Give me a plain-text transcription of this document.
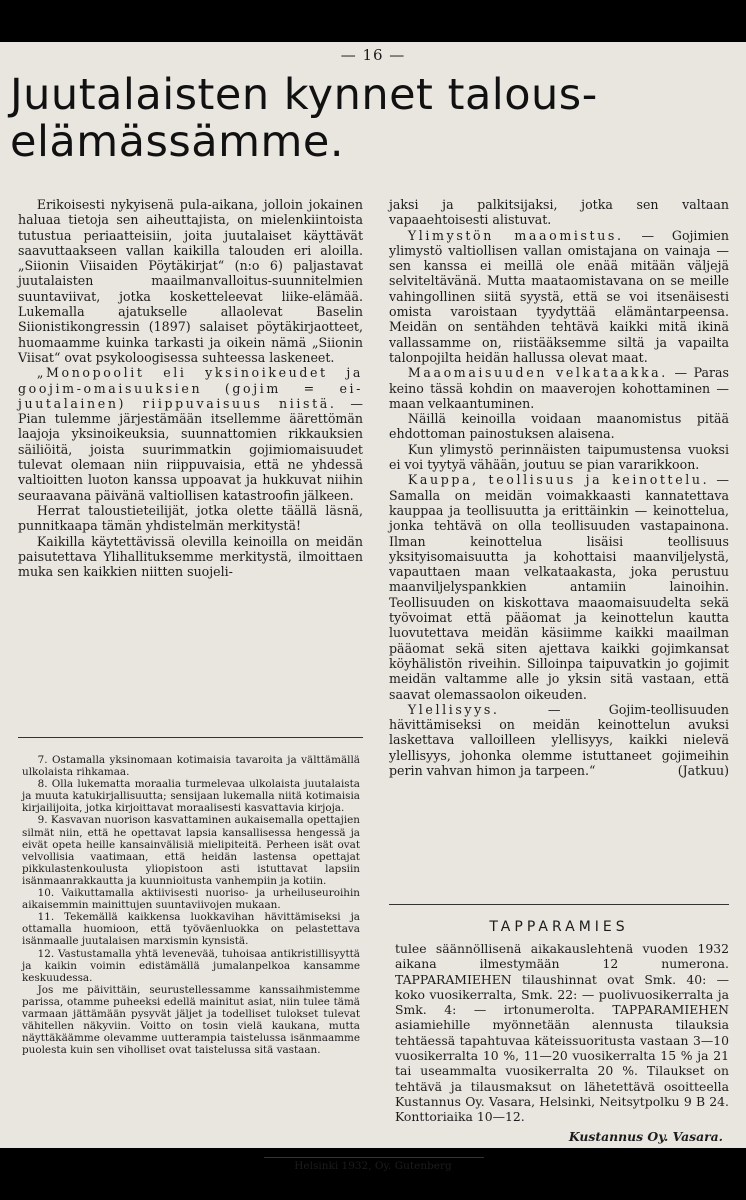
— 16 —
Juutalaisten kynnet talous-
elämässämme.

Erikoisesti nykyisenä pula-aikana, jolloin jokainen haluaa tietoja sen aiheuttajista, on mielenkiintoista tutustua periaatteisiin, joita juutalaiset käyttävät saavuttaakseen vallan kaikilla talouden eri aloilla. „Siionin Viisaiden Pöytäkirjat“ (n:o 6) paljastavat juutalaisten maailmanvalloitus-suunnitelmien suuntaviivat, jotka kosketteleevat liike-elämää. Lukemalla ajatukselle allaolevat Baselin Siionistikongressin (1897) salaiset pöytäkirjaotteet, huomaamme kuinka tarkasti ja oikein nämä „Siionin Viisat“ ovat psykoloogisessa suhteessa laskeneet.

„Monopoolit eli yksinoikeudet ja goojim-omaisuuksien (gojim = ei-juutalainen) riippuvaisuus niistä. — Pian tulemme järjestämään itsellemme äärettömän laajoja yksinoikeuksia, suunnattomien rikkauksien säiliöitä, joista suurimmatkin gojimiomaisuudet tulevat olemaan niin riippuvaisia, että ne yhdessä valtioitten luoton kanssa uppoavat ja hukkuvat niihin seuraavana päivänä valtiollisen katastroofin jälkeen.

Herrat taloustieteilijät, jotka olette täällä läsnä, punnitkaapa tämän yhdistelmän merkitystä!

Kaikilla käytettävissä olevilla keinoilla on meidän paisutettava Ylihallituksemme merkitystä, ilmoittaen muka sen kaikkien niitten suojeli-

7. Ostamalla yksinomaan kotimaisia tavaroita ja välttämällä ulkolaista rihkamaa.

8. Olla lukematta moraalia turmelevaa ulkolaista juutalaista ja muuta katukirjallisuutta; sensijaan lukemalla niitä kotimaisia kirjailijoita, jotka kirjoittavat moraalisesti kasvattavia kirjoja.

9. Kasvavan nuorison kasvattaminen aukaisemalla opettajien silmät niin, että he opettavat lapsia kansallisessa hengessä ja eivät opeta heille kansainvälisiä mielipiteitä. Perheen isät ovat velvollisia vaatimaan, että heidän lastensa opettajat pikkulastenkoulusta yliopistoon asti istuttavat lapsiin isänmaanrakkautta ja kuunnioitusta vanhempiin ja kotiin.

10. Vaikuttamalla aktiivisesti nuoriso- ja urheiluseuroihin aikaisemmin mainittujen suuntaviivojen mukaan.

11. Tekemällä kaikkensa luokkavihan hävittämiseksi ja ottamalla huomioon, että työväenluokka on pelastettava isänmaalle juutalaisen marxismin kynsistä.

12. Vastustamalla yhtä levenevää, tuhoisaa antikristillisyyttä ja kaikin voimin edistämällä jumalanpelkoa kansamme keskuudessa.

Jos me päivittäin, seurustellessamme kanssaihmistemme parissa, otamme puheeksi edellä mainitut asiat, niin tulee tämä varmaan jättämään pysyvät jäljet ja todelliset tulokset tulevat vähitellen näkyviin. Voitto on tosin vielä kaukana, mutta näyttäkäämme olevamme uutterampia taistelussa isänmaamme puolesta kuin sen viholliset ovat taistelussa sitä vastaan.

jaksi ja palkitsijaksi, jotka sen valtaan vapaaehtoisesti alistuvat.

Ylimystön maaomistus. — Gojimien ylimystö valtiollisen vallan omistajana on vainaja — sen kanssa ei meillä ole enää mitään väljejä selviteltävänä. Mutta maataomistavana on se meille vahingollinen siitä syystä, että se voi itsenäisesti omista varoistaan tyydyttää elämäntarpeensa. Meidän on sentähden tehtävä kaikki mitä ikinä vallassamme on, riistääksemme siltä ja vapailta talonpojilta heidän hallussa olevat maat.

Maaomaisuuden velkataakka. — Paras keino tässä kohdin on maaverojen kohottaminen — maan velkaantuminen.

Näillä keinoilla voidaan maanomistus pitää ehdottoman painostuksen alaisena.

Kun ylimystö perinnäisten taipumustensa vuoksi ei voi tyytyä vähään, joutuu se pian vararikkoon.

Kauppa, teollisuus ja keinottelu. — Samalla on meidän voimakkaasti kannatettava kauppaa ja teollisuutta ja erittäinkin — keinottelua, jonka tehtävä on olla teollisuuden vastapainona. Ilman keinottelua lisäisi teollisuus yksityisomaisuutta ja kohottaisi maanviljelystä, vapauttaen maan velkataakasta, joka perustuu maanviljelyspankkien antamiin lainoihin. Teollisuuden on kiskottava maaomaisuudelta sekä työvoimat että pääomat ja keinottelun kautta luovutettava meidän käsiimme kaikki maailman pääomat sekä siten ajettava kaikki gojimkansat köyhälistön riveihin. Silloinpa taipuvatkin jo gojimit meidän valtamme alle jo yksin sitä vastaan, että saavat olemassaolon oikeuden.

Ylellisyys. — Gojim-teollisuuden hävittämiseksi on meidän keinottelun avuksi laskettava valloilleen ylellisyys, kaikki nielevä ylellisyys, johonka olemme istuttaneet gojimeihin perin vahvan himon ja tarpeen.“	(Jatkuu)

TAPPARAMIES

tulee säännöllisenä aikakauslehtenä vuoden 1932 aikana ilmestymään 12 numerona. TAPPARAMIEHEN tilaushinnat ovat Smk. 40: — koko vuosikerralta, Smk. 22: — puolivuosikerralta ja Smk. 4: — irtonumerolta. TAPPARAMIEHEN asiamiehille myönnetään alennusta tilauksia tehtäessä tapahtuvaa käteissuoritusta vastaan 3—10 vuosikerralta 10 %, 11—20 vuosikerralta 15 % ja 21 tai useammalta vuosikerralta 20 %. Tilaukset on tehtävä ja tilausmaksut on lähetettävä osoitteella Kustannus Oy. Vasara, Helsinki, Neitsytpolku 9 B 24. Konttoriaika 10—12.

Kustannus Oy. Vasara.
Helsinki 1932, Oy. Gutenberg
